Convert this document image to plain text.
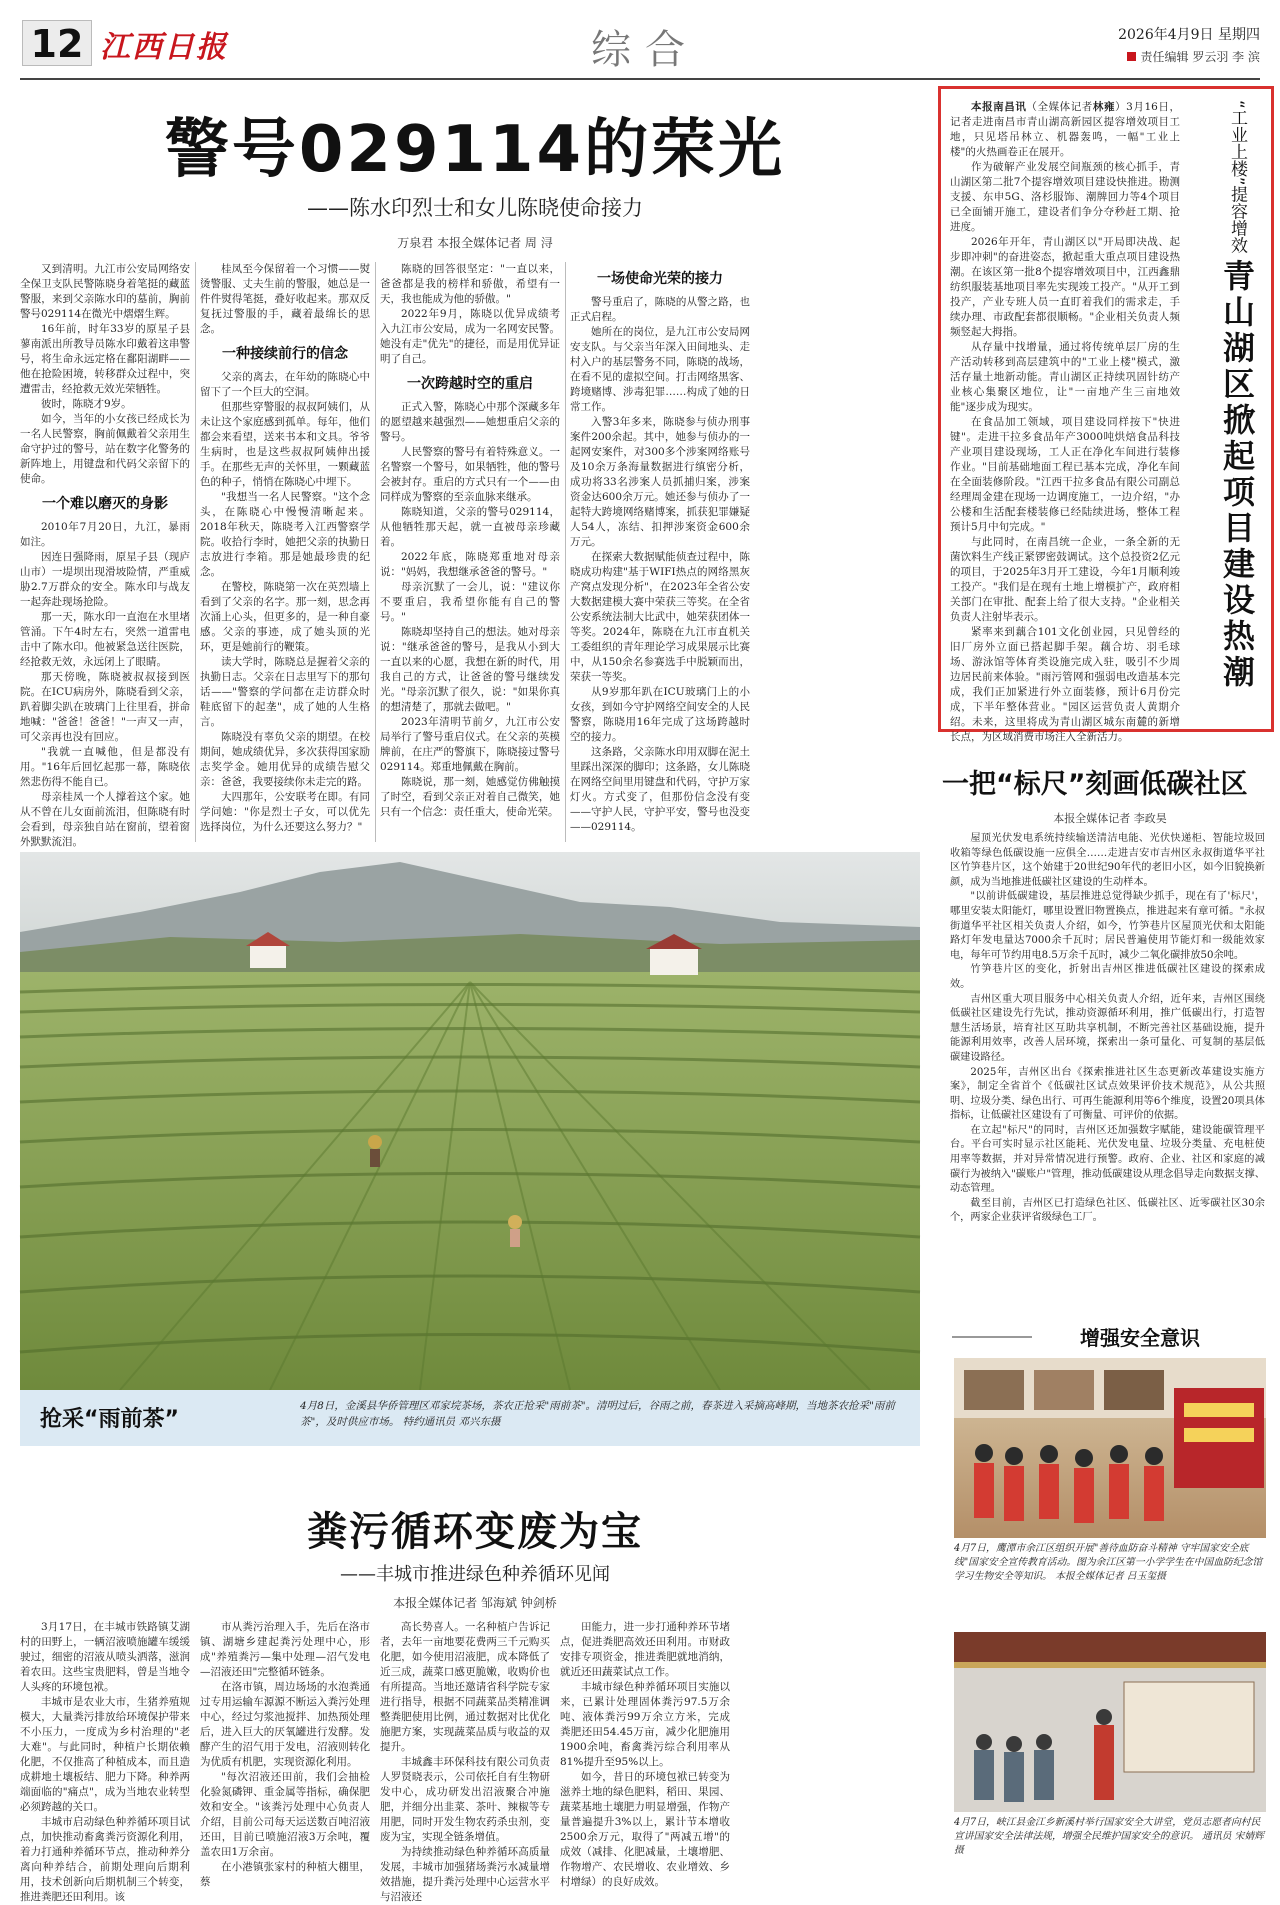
12 江西日报	综合	2026年4月9日 星期四
责任编辑 罗云羽 李 滨
警号029114的荣光
——陈水印烈士和女儿陈晓使命接力
万泉君 本报全媒体记者 周 浔

又到清明。九江市公安局网络安全保卫支队民警陈晓身着笔挺的藏蓝警服，来到父亲陈水印的墓前，胸前警号029114在微光中熠熠生辉。

16年前，时年33岁的原星子县蓼南派出所教导员陈水印戴着这串警号，将生命永远定格在鄱阳湖畔——他在抢险困境，转移群众过程中，突遭雷击，经抢救无效光荣牺牲。

彼时，陈晓才9岁。

如今，当年的小女孩已经成长为一名人民警察，胸前佩戴着父亲用生命守护过的警号，站在数字化警务的新阵地上，用键盘和代码父亲留下的使命。

一个难以磨灭的身影

2010年7月20日，九江，暴雨如注。

因连日强降雨，原星子县（现庐山市）一堤坝出现滑坡险情，严重威胁2.7万群众的安全。陈水印与战友一起奔赴现场抢险。

那一天，陈水印一直泡在水里堵管涌。下午4时左右，突然一道雷电击中了陈水印。他被紧急送往医院，经抢救无效，永远闭上了眼睛。

那天傍晚，陈晓被叔叔接到医院。在ICU病房外，陈晓看到父亲，趴着脚尖趴在玻璃门上往里看，拼命地喊："爸爸！爸爸！"一声又一声，可父亲再也没有回应。

"我就一直喊他，但是都没有用。"16年后回忆起那一幕，陈晓依然悲伤得不能自已。

母亲桂凤一个人撑着这个家。她从不曾在儿女面前流泪，但陈晓有时会看到，母亲独自站在窗前，望着窗外默默流泪。

桂凤至今保留着一个习惯——熨烫警服、丈夫生前的警服，她总是一件件熨得笔挺，叠好收起来。那双反复抚过警服的手，藏着最绵长的思念。

一种接续前行的信念

父亲的离去，在年幼的陈晓心中留下了一个巨大的空洞。

但那些穿警服的叔叔阿姨们，从未让这个家庭感到孤单。每年，他们都会来看望，送来书本和文具。爷爷生病时，也是这些叔叔阿姨伸出援手。在那些无声的关怀里，一颗藏蓝色的种子，悄悄在陈晓心中埋下。

"我想当一名人民警察。"这个念头，在陈晓心中慢慢清晰起来。2018年秋天，陈晓考入江西警察学院。收拾行李时，她把父亲的执勤日志放进行李箱。那是她最珍贵的纪念。

在警校，陈晓第一次在英烈墙上看到了父亲的名字。那一刻，思念再次涌上心头，但更多的，是一种自豪感。父亲的事迹，成了她头顶的光环，更是她前行的鞭策。

读大学时，陈晓总是握着父亲的执勤日志。父亲在日志里写下的那句话——"警察的学问都在走访群众时鞋底留下的起垄"，成了她的人生格言。

陈晓没有辜负父亲的期望。在校期间，她成绩优异，多次获得国家励志奖学金。她用优异的成绩告慰父亲：爸爸，我要接续你未走完的路。

大四那年，公安联考在即。有同学问她："你是烈士子女，可以优先选择岗位，为什么还要这么努力？"

陈晓的回答很坚定："一直以来，爸爸都是我的榜样和骄傲，希望有一天，我也能成为他的骄傲。"

2022年9月，陈晓以优异成绩考入九江市公安局，成为一名网安民警。她没有走"优先"的捷径，而是用优异证明了自己。

一次跨越时空的重启

正式入警，陈晓心中那个深藏多年的愿望越来越强烈——她想重启父亲的警号。

人民警察的警号有着特殊意义。一名警察一个警号，如果牺牲，他的警号会被封存。重启的方式只有一个——由同样成为警察的至亲血脉来继承。

陈晓知道，父亲的警号029114，从他牺牲那天起，就一直被母亲珍藏着。

2022年底，陈晓郑重地对母亲说："妈妈，我想继承爸爸的警号。"

母亲沉默了一会儿，说："建议你不要重启，我希望你能有自己的警号。"

陈晓却坚持自己的想法。她对母亲说："继承爸爸的警号，是我从小到大一直以来的心愿，我想在新的时代，用我自己的方式，让爸爸的警号继续发光。"母亲沉默了很久，说："如果你真的想清楚了，那就去做吧。"

2023年清明节前夕，九江市公安局举行了警号重启仪式。在父亲的英模牌前，在庄严的警旗下，陈晓接过警号029114。郑重地佩戴在胸前。

陈晓说，那一刻，她感觉仿佛触摸了时空，看到父亲正对着自己微笑，她只有一个信念：责任重大，使命光荣。

一场使命光荣的接力

警号重启了，陈晓的从警之路，也正式启程。

她所在的岗位，是九江市公安局网安支队。与父亲当年深入田间地头、走村入户的基层警务不同，陈晓的战场，在看不见的虚拟空间。打击网络黑客、跨境赌博、涉毒犯罪……构成了她的日常工作。

入警3年多来，陈晓参与侦办刑事案件200余起。其中，她参与侦办的一起网安案件，对300多个涉案网络账号及10余万条海量数据进行缜密分析，成功将33名涉案人员抓捕归案，涉案资金达600余万元。她还参与侦办了一起特大跨境网络赌博案，抓获犯罪嫌疑人54人，冻结、扣押涉案资金600余万元。

在探索大数据赋能侦查过程中，陈晓成功构建"基于WIFI热点的网络黑灰产窝点发现分析"，在2023年全省公安大数据建模大赛中荣获三等奖。在全省公安系统法制大比武中，她荣获团体一等奖。2024年，陈晓在九江市直机关工委组织的青年理论学习成果展示比赛中，从150余名参赛选手中脱颖而出，荣获一等奖。

从9岁那年趴在ICU玻璃门上的小女孩，到如今守护网络空间安全的人民警察，陈晓用16年完成了这场跨越时空的接力。

这条路，父亲陈水印用双脚在泥土里踩出深深的脚印；这条路，女儿陈晓在网络空间里用键盘和代码，守护万家灯火。方式变了，但那份信念没有变——守护人民，守护平安，警号也没变——029114。

“工业上楼”提容增效 青山湖区掀起项目建设热潮

本报南昌讯（全媒体记者林雍）3月16日，记者走进南昌市青山湖高新园区提容增效项目工地，只见塔吊林立、机器轰鸣，一幅"工业上楼"的火热画卷正在展开。

作为破解产业发展空间瓶颈的核心抓手，青山湖区第二批7个提容增效项目建设快推进。勘测支援、东申5G、洛杉服饰、潮牌回力等4个项目已全面铺开施工，建设者们争分夺秒赶工期、抢进度。

2026年开年，青山湖区以"开局即决战、起步即冲刺"的奋进姿态，掀起重大重点项目建设热潮。在该区第一批8个提容增效项目中，江西鑫鼎纺织服装基地项目率先实现竣工投产。"从开工到投产，产业专班人员一直盯着我们的需求走，手续办理、市政配套都很顺畅。"企业相关负责人频频竖起大拇指。

从存量中找增量，通过将传统单层厂房的生产活动转移到高层建筑中的"工业上楼"模式，激活存量土地新动能。青山湖区正持续巩固针纺产业核心集聚区地位，让"一亩地产生三亩地效能"逐步成为现实。

在食品加工领域，项目建设同样按下"快进键"。走进干拉多食品年产3000吨烘焙食品科技产业项目建设现场，工人正在净化车间进行装修作业。"目前基础地面工程已基本完成，净化车间在全面装修阶段。"江西干拉多食品有限公司副总经理周金建在现场一边调度施工，一边介绍，"办公楼和生活配套楼装修已经陆续进场，整体工程预计5月中旬完成。"

与此同时，在南昌统一企业，一条全新的无菌饮料生产线正紧锣密鼓调试。这个总投资2亿元的项目，于2025年3月开工建设，今年1月顺利竣工投产。"我们是在现有土地上增模扩产，政府相关部门在审批、配套上给了很大支持。"企业相关负责人注射毕表示。

紧率来到藕合101文化创业园，只见曾经的旧厂房外立面已搭起脚手架。藕合坊、羽毛球场、游泳馆等体育类设施完成入驻，吸引不少周边居民前来体验。"雨污管网和强弱电改造基本完成，我们正加紧进行外立面装修，预计6月份完成，下半年整体营业。"园区运营负责人黄期介绍。未来，这里将成为青山湖区城东南麓的新增长点，为区域消费市场注入全新活力。

一把“标尺”刻画低碳社区
本报全媒体记者 李政昊

屋顶光伏发电系统持续输送清洁电能、光伏快递柜、智能垃圾回收箱等绿色低碳设施一应俱全……走进吉安市吉州区永叔街道华平社区竹笋巷片区，这个始建于20世纪90年代的老旧小区，如今旧貌换新颜，成为当地推进低碳社区建设的生动样本。

"以前讲低碳建设，基层推进总觉得缺少抓手，现在有了'标尺'，哪里安装太阳能灯，哪里设置旧物置换点，推进起来有章可循。"永叔街道华平社区相关负责人介绍，如今，竹笋巷片区屋顶光伏和太阳能路灯年发电量达7000余千瓦时；居民普遍使用节能灯和一级能效家电，每年可节约用电8.5万余千瓦时，减少二氧化碳排放50余吨。

竹笋巷片区的变化，折射出吉州区推进低碳社区建设的探索成效。

吉州区重大项目服务中心相关负责人介绍，近年来，吉州区围绕低碳社区建设先行先试，推动资源循环利用，推广低碳出行，打造智慧生活场景，培育社区互助共享机制，不断完善社区基础设施，提升能源利用效率，改善人居环境，探索出一条可量化、可复制的基层低碳建设路径。

2025年，吉州区出台《探索推进社区生态更新改革建设实施方案》，制定全省首个《低碳社区试点效果评价技术规范》，从公共照明、垃圾分类、绿色出行、可再生能源利用等6个维度，设置20项具体指标，让低碳社区建设有了可衡量、可评价的依据。

在立起"标尺"的同时，吉州区还加强数字赋能，建设能碳管理平台。平台可实时显示社区能耗、光伏发电量、垃圾分类量、充电桩使用率等数据，并对异常情况进行预警。政府、企业、社区和家庭的减碳行为被纳入"碳账户"管理，推动低碳建设从理念倡导走向数据支撑、动态管理。

截至目前，吉州区已打造绿色社区、低碳社区、近零碳社区30余个，两家企业获评省级绿色工厂。

增强安全意识
4月7日，鹰潭市余江区组织开展"善待血防奋斗精神 守牢国家安全底线"国家安全宣传教育活动。图为余江区第一小学学生在中国血防纪念馆学习生物安全等知识。 本报全媒体记者 吕玉玺摄
4月7日，峡江县金江乡新溪村举行国家安全大讲堂，党员志愿者向村民宣讲国家安全法律法规，增强全民维护国家安全的意识。 通讯员 宋婧辉摄
抢采“雨前茶”
4月8日，金溪县华侨管理区邓家垸茶场，茶农正抢采"雨前茶"。清明过后，谷雨之前，春茶进入采摘高峰期，当地茶农抢采"雨前茶"，及时供应市场。 特约通讯员 邓兴东摄
粪污循环变废为宝
——丰城市推进绿色种养循环见闻
本报全媒体记者 邹海斌 钟剑桥

3月17日，在丰城市铁路镇艾湖村的田野上，一辆沼液喷施罐车缓缓驶过，细密的沼液从喷头洒落，滋润着农田。这些宝贵肥料，曾是当地令人头疼的环境包袱。

丰城市是农业大市，生猪养殖规模大，大量粪污排放给环境保护带来不小压力，一度成为乡村治理的"老大难"。与此同时，种植户长期依赖化肥，不仅推高了种植成本，而且造成耕地土壤板结、肥力下降。种养两端面临的"痛点"，成为当地农业转型必须跨越的关口。

丰城市启动绿色种养循环项目试点，加快推动畜禽粪污资源化利用，着力打通种养循环节点，推动种养分离向种养结合，前期处理向后期利用，技术创新向后期机制三个转变，推进粪肥还田利用。该

市从粪污治理入手，先后在洛市镇、湖塘乡建起粪污处理中心，形成"养殖粪污—集中处理—沼气发电—沼液还田"完整循环链条。

在洛市镇，周边场场的水泡粪通过专用运输车源源不断运入粪污处理中心，经过匀浆池搅拌、加热预处理后，进入巨大的厌氧罐进行发酵。发酵产生的沼气用于发电，沼液则转化为优质有机肥，实现资源化利用。

"每次沼液还田前，我们会抽检化验氮磷钾、重金属等指标，确保肥效和安全。"该粪污处理中心负责人介绍，目前公司每天运送数百吨沼液还田，目前已喷施沼液3万余吨，覆盖农田1万余亩。

在小港镇张家村的种植大棚里，蔡

高长势喜人。一名种植户告诉记者，去年一亩地要花费两三千元购买化肥，如今使用沼液肥，成本降低了近三成，蔬菜口感更脆嫩，收购价也有所提高。当地还邀请省科学院专家进行指导，根据不同蔬菜品类精准调整粪肥使用比例，通过数据对比优化施肥方案，实现蔬菜品质与收益的双提升。

丰城鑫丰环保科技有限公司负责人罗贤晓表示，公司依托自有生物研发中心，成功研发出沼液聚合冲施肥，并细分出韭菜、茶叶、辣椒等专用肥，同时开发生物农药杀虫剂，变废为宝，实现全链条增值。

为持续推动绿色种养循环高质量发展，丰城市加强猪场粪污水减量增效措施，提升粪污处理中心运营水平与沼液还

田能力，进一步打通种养环节堵点，促进粪肥高效还田利用。市财政安排专项资金，推进粪肥就地消纳，就近还田蔬菜试点工作。

丰城市绿色种养循环项目实施以来，已累计处理固体粪污97.5万余吨、液体粪污99万余立方米，完成粪肥还田54.45万亩，减少化肥施用1900余吨，畜禽粪污综合利用率从81%提升至95%以上。

如今，昔日的环境包袱已转变为滋养土地的绿色肥料，稻田、果园、蔬菜基地土壤肥力明显增强，作物产量普遍提升3%以上，累计节本增收2500余万元，取得了"两减五增"的成效（减排、化肥减量，土壤增肥、作物增产、农民增收、农业增效、乡村增绿）的良好成效。
